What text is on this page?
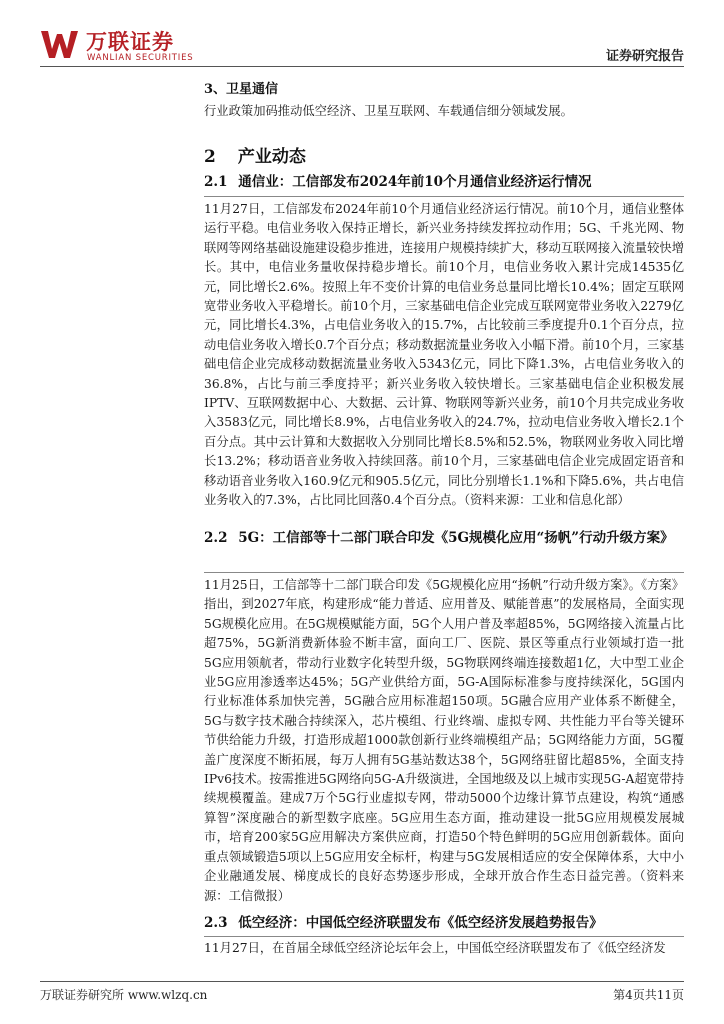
万联证券
WANLIAN SECURITIES	证券研究报告
3、卫星通信
行业政策加码推动低空经济、卫星互联网、车载通信细分领域发展。
2 产业动态
2.1 通信业：工信部发布2024年前10个月通信业经济运行情况
11月27日，工信部发布2024年前10个月通信业经济运行情况。前10个月，通信业整体运行平稳。电信业务收入保持正增长，新兴业务持续发挥拉动作用；5G、千兆光网、物联网等网络基础设施建设稳步推进，连接用户规模持续扩大，移动互联网接入流量较快增长。其中，电信业务量收保持稳步增长。前10个月，电信业务收入累计完成14535亿元，同比增长2.6%。按照上年不变价计算的电信业务总量同比增长10.4%；固定互联网宽带业务收入平稳增长。前10个月，三家基础电信企业完成互联网宽带业务收入2279亿元，同比增长4.3%，占电信业务收入的15.7%，占比较前三季度提升0.1个百分点，拉动电信业务收入增长0.7个百分点；移动数据流量业务收入小幅下滑。前10个月，三家基础电信企业完成移动数据流量业务收入5343亿元，同比下降1.3%，占电信业务收入的36.8%，占比与前三季度持平；新兴业务收入较快增长。三家基础电信企业积极发展IPTV、互联网数据中心、大数据、云计算、物联网等新兴业务，前10个月共完成业务收入3583亿元，同比增长8.9%，占电信业务收入的24.7%，拉动电信业务收入增长2.1个百分点。其中云计算和大数据收入分别同比增长8.5%和52.5%，物联网业务收入同比增长13.2%；移动语音业务收入持续回落。前10个月，三家基础电信企业完成固定语音和移动语音业务收入160.9亿元和905.5亿元，同比分别增长1.1%和下降5.6%，共占电信业务收入的7.3%，占比同比回落0.4个百分点。（资料来源：工业和信息化部）
2.2 5G：工信部等十二部门联合印发《5G规模化应用“扬帆”行动升级方案》
11月25日，工信部等十二部门联合印发《5G规模化应用“扬帆”行动升级方案》。《方案》指出，到2027年底，构建形成“能力普适、应用普及、赋能普惠”的发展格局，全面实现5G规模化应用。在5G规模赋能方面，5G个人用户普及率超85%，5G网络接入流量占比超75%，5G新消费新体验不断丰富，面向工厂、医院、景区等重点行业领域打造一批5G应用领航者，带动行业数字化转型升级，5G物联网终端连接数超1亿，大中型工业企业5G应用渗透率达45%；5G产业供给方面，5G-A国际标准参与度持续深化，5G国内行业标准体系加快完善，5G融合应用标准超150项。5G融合应用产业体系不断健全，5G与数字技术融合持续深入，芯片模组、行业终端、虚拟专网、共性能力平台等关键环节供给能力升级，打造形成超1000款创新行业终端模组产品；5G网络能力方面，5G覆盖广度深度不断拓展，每万人拥有5G基站数达38个，5G网络驻留比超85%，全面支持IPv6技术。按需推进5G网络向5G-A升级演进，全国地级及以上城市实现5G-A超宽带持续规模覆盖。建成7万个5G行业虚拟专网，带动5000个边缘计算节点建设，构筑“通感算智”深度融合的新型数字底座。5G应用生态方面，推动建设一批5G应用规模发展城市，培育200家5G应用解决方案供应商，打造50个特色鲜明的5G应用创新载体。面向重点领域锻造5项以上5G应用安全标杆，构建与5G发展相适应的安全保障体系，大中小企业融通发展、梯度成长的良好态势逐步形成，全球开放合作生态日益完善。（资料来源：工信微报）
2.3 低空经济：中国低空经济联盟发布《低空经济发展趋势报告》
11月27日，在首届全球低空经济论坛年会上，中国低空经济联盟发布了《低空经济发
万联证券研究所 www.wlzq.cn	第4页共11页
